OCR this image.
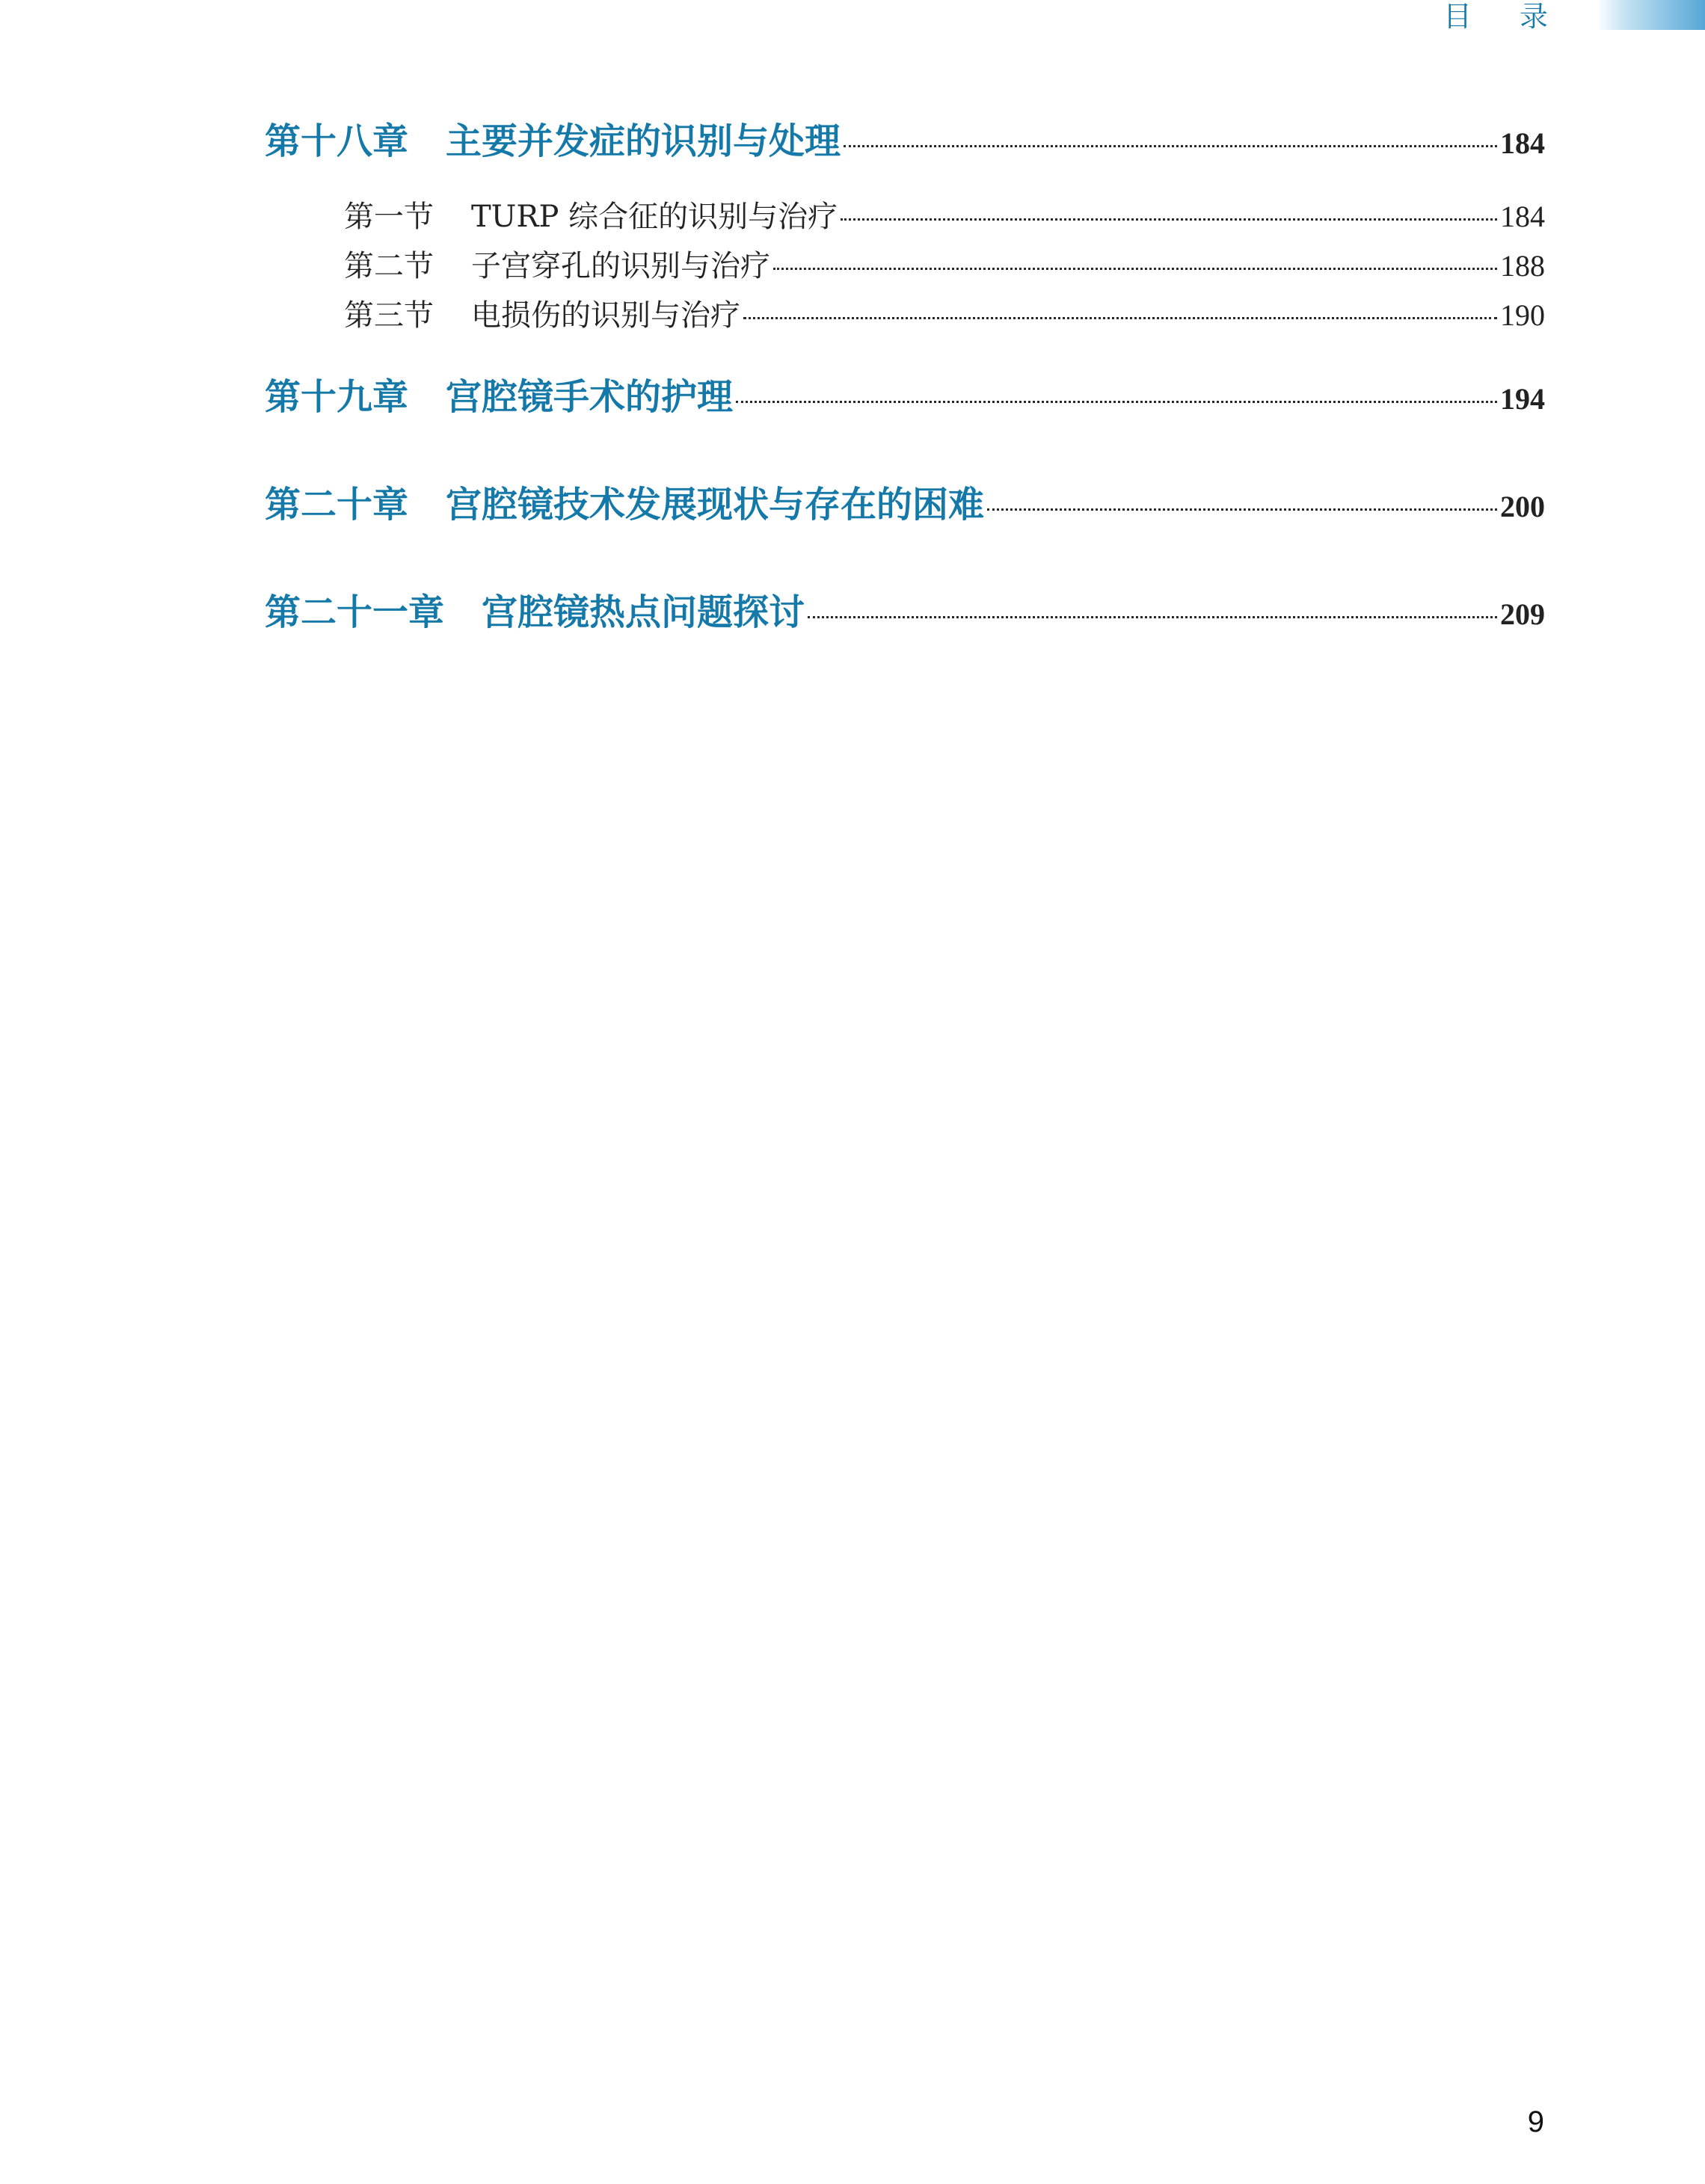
目 录
第十八章 主要并发症的识别与处理	184
第一节 TURP 综合征的识别与治疗	184
第二节 子宫穿孔的识别与治疗	188
第三节 电损伤的识别与治疗	190
第十九章 宫腔镜手术的护理	194
第二十章 宫腔镜技术发展现状与存在的困难	200
第二十一章 宫腔镜热点问题探讨	209
9
